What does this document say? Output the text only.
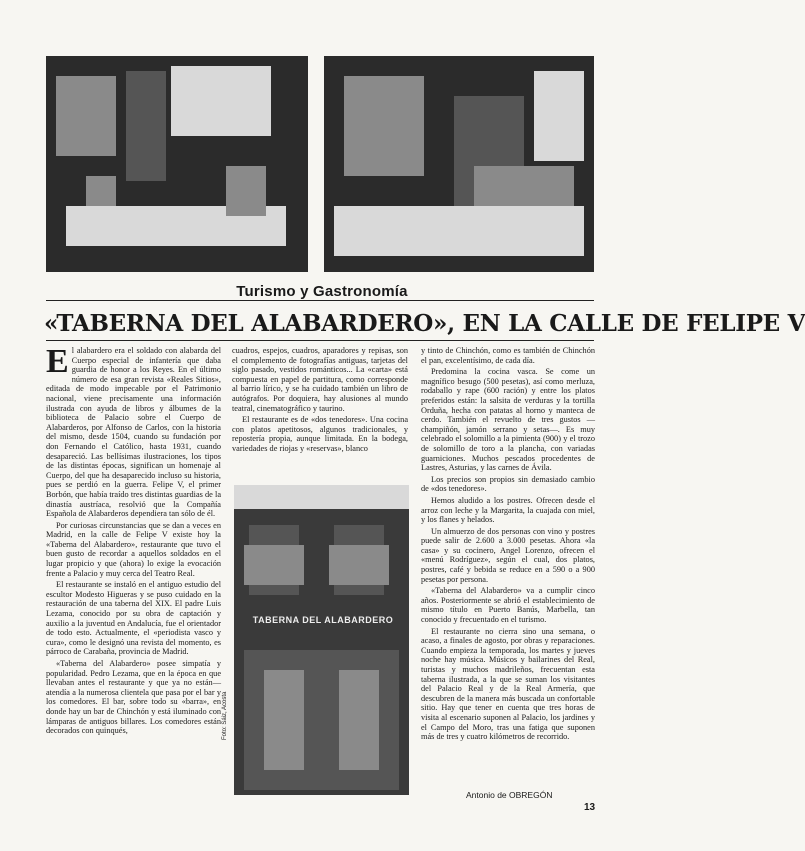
TABERNA DEL ALABARDERO
Foto: Sáiz, Acosta
Turismo y Gastronomía
«TABERNA DEL ALABARDERO», EN LA CALLE DE FELIPE V

El alabardero era el soldado con alabarda del Cuerpo especial de infantería que daba guardia de honor a los Reyes. En el último número de esa gran revista «Reales Sitios», editada de modo impecable por el Patrimonio nacional, viene precisamente una información ilustrada con ayuda de libros y álbumes de la biblioteca de Palacio sobre el Cuerpo de Alabarderos, por Alfonso de Carlos, con la historia del mismo, desde 1504, cuando su fundación por don Fernando el Católico, hasta 1931, cuando desapareció. Las bellísimas ilustraciones, los tipos de las distintas épocas, significan un homenaje al Cuerpo, del que ha desaparecido incluso su historia, pues se perdió en la guerra. Felipe V, el primer Borbón, que había traído tres distintas guardias de la dinastía austríaca, resolvió que la Compañía Española de Alabarderos dependiera tan sólo de él.

Por curiosas circunstancias que se dan a veces en Madrid, en la calle de Felipe V existe hoy la «Taberna del Alabardero», restaurante que tuvo el buen gusto de recordar a aquellos soldados en el lugar propicio y que (ahora) lo exige la evocación frente a Palacio y muy cerca del Teatro Real.

El restaurante se instaló en el antiguo estudio del escultor Modesto Higueras y se puso cuidado en la restauración de una taberna del XIX. El padre Luis Lezama, conocido por su obra de captación y auxilio a la juventud en Andalucía, fue el orientador de todo esto. Actualmente, el «periodista vasco y cura», como le designó una revista del momento, es párroco de Carabaña, provincia de Madrid.

«Taberna del Alabardero» posee simpatía y popularidad. Pedro Lezama, que en la época en que llevaban antes el restaurante y que ya no están— atendía a la numerosa clientela que pasa por el bar y los comedores. El bar, sobre todo su «barra», en donde hay un bar de Chinchón y está iluminado con lámparas de antiguos billares. Los comedores están decorados con quinqués,

cuadros, espejos, cuadros, aparadores y repisas, son el complemento de fotografías antiguas, tarjetas del siglo pasado, vestidos románticos... La «carta» está compuesta en papel de partitura, como corresponde al barrio lírico, y se ha cuidado también un libro de autógrafos. Por doquiera, hay alusiones al mundo teatral, cinematográfico y taurino.

El restaurante es de «dos tenedores». Una cocina con platos apetitosos, algunos tradicionales, y repostería propia, aunque limitada. En la bodega, variedades de riojas y «reservas», blanco

y tinto de Chinchón, como es también de Chinchón el pan, excelentísimo, de cada día.

Predomina la cocina vasca. Se come un magnífico besugo (500 pesetas), así como merluza, rodaballo y rape (600 ración) y entre los platos preferidos están: la salsita de verduras y la tortilla Orduña, hecha con patatas al horno y manteca de cerdo. También el revuelto de tres gustos —champiñón, jamón serrano y setas—. Es muy celebrado el solomillo a la pimienta (900) y el trozo de solomillo de toro a la plancha, con variadas guarniciones. Muchos pescados procedentes de Lastres, Asturias, y las carnes de Ávila.

Los precios son propios sin demasiado cambio de «dos tenedores».

Hemos aludido a los postres. Ofrecen desde el arroz con leche y la Margarita, la cuajada con miel, y los flanes y helados.

Un almuerzo de dos personas con vino y postres puede salir de 2.600 a 3.000 pesetas. Ahora «la casa» y su cocinero, Angel Lorenzo, ofrecen el «menú Rodríguez», según el cual, dos platos, postres, café y bebida se reduce en a 590 o a 900 pesetas por persona.

«Taberna del Alabardero» va a cumplir cinco años. Posteriormente se abrió el establecimiento de mismo título en Puerto Banús, Marbella, tan conocido y frecuentado en el turismo.

El restaurante no cierra sino una semana, o acaso, a finales de agosto, por obras y reparaciones. Cuando empieza la temporada, los martes y jueves noche hay música. Músicos y bailarines del Real, turistas y muchos madrileños, frecuentan esta taberna ilustrada, a la que se suman los visitantes del Palacio Real y de la Real Armería, que descubren de la manera más buscada un confortable sitio. Hay que tener en cuenta que tres horas de visita al escenario suponen al Palacio, los jardines y el Campo del Moro, tras una fatiga que suponen más de tres y cuatro kilómetros de recorrido.

Antonio de OBREGÓN
13
